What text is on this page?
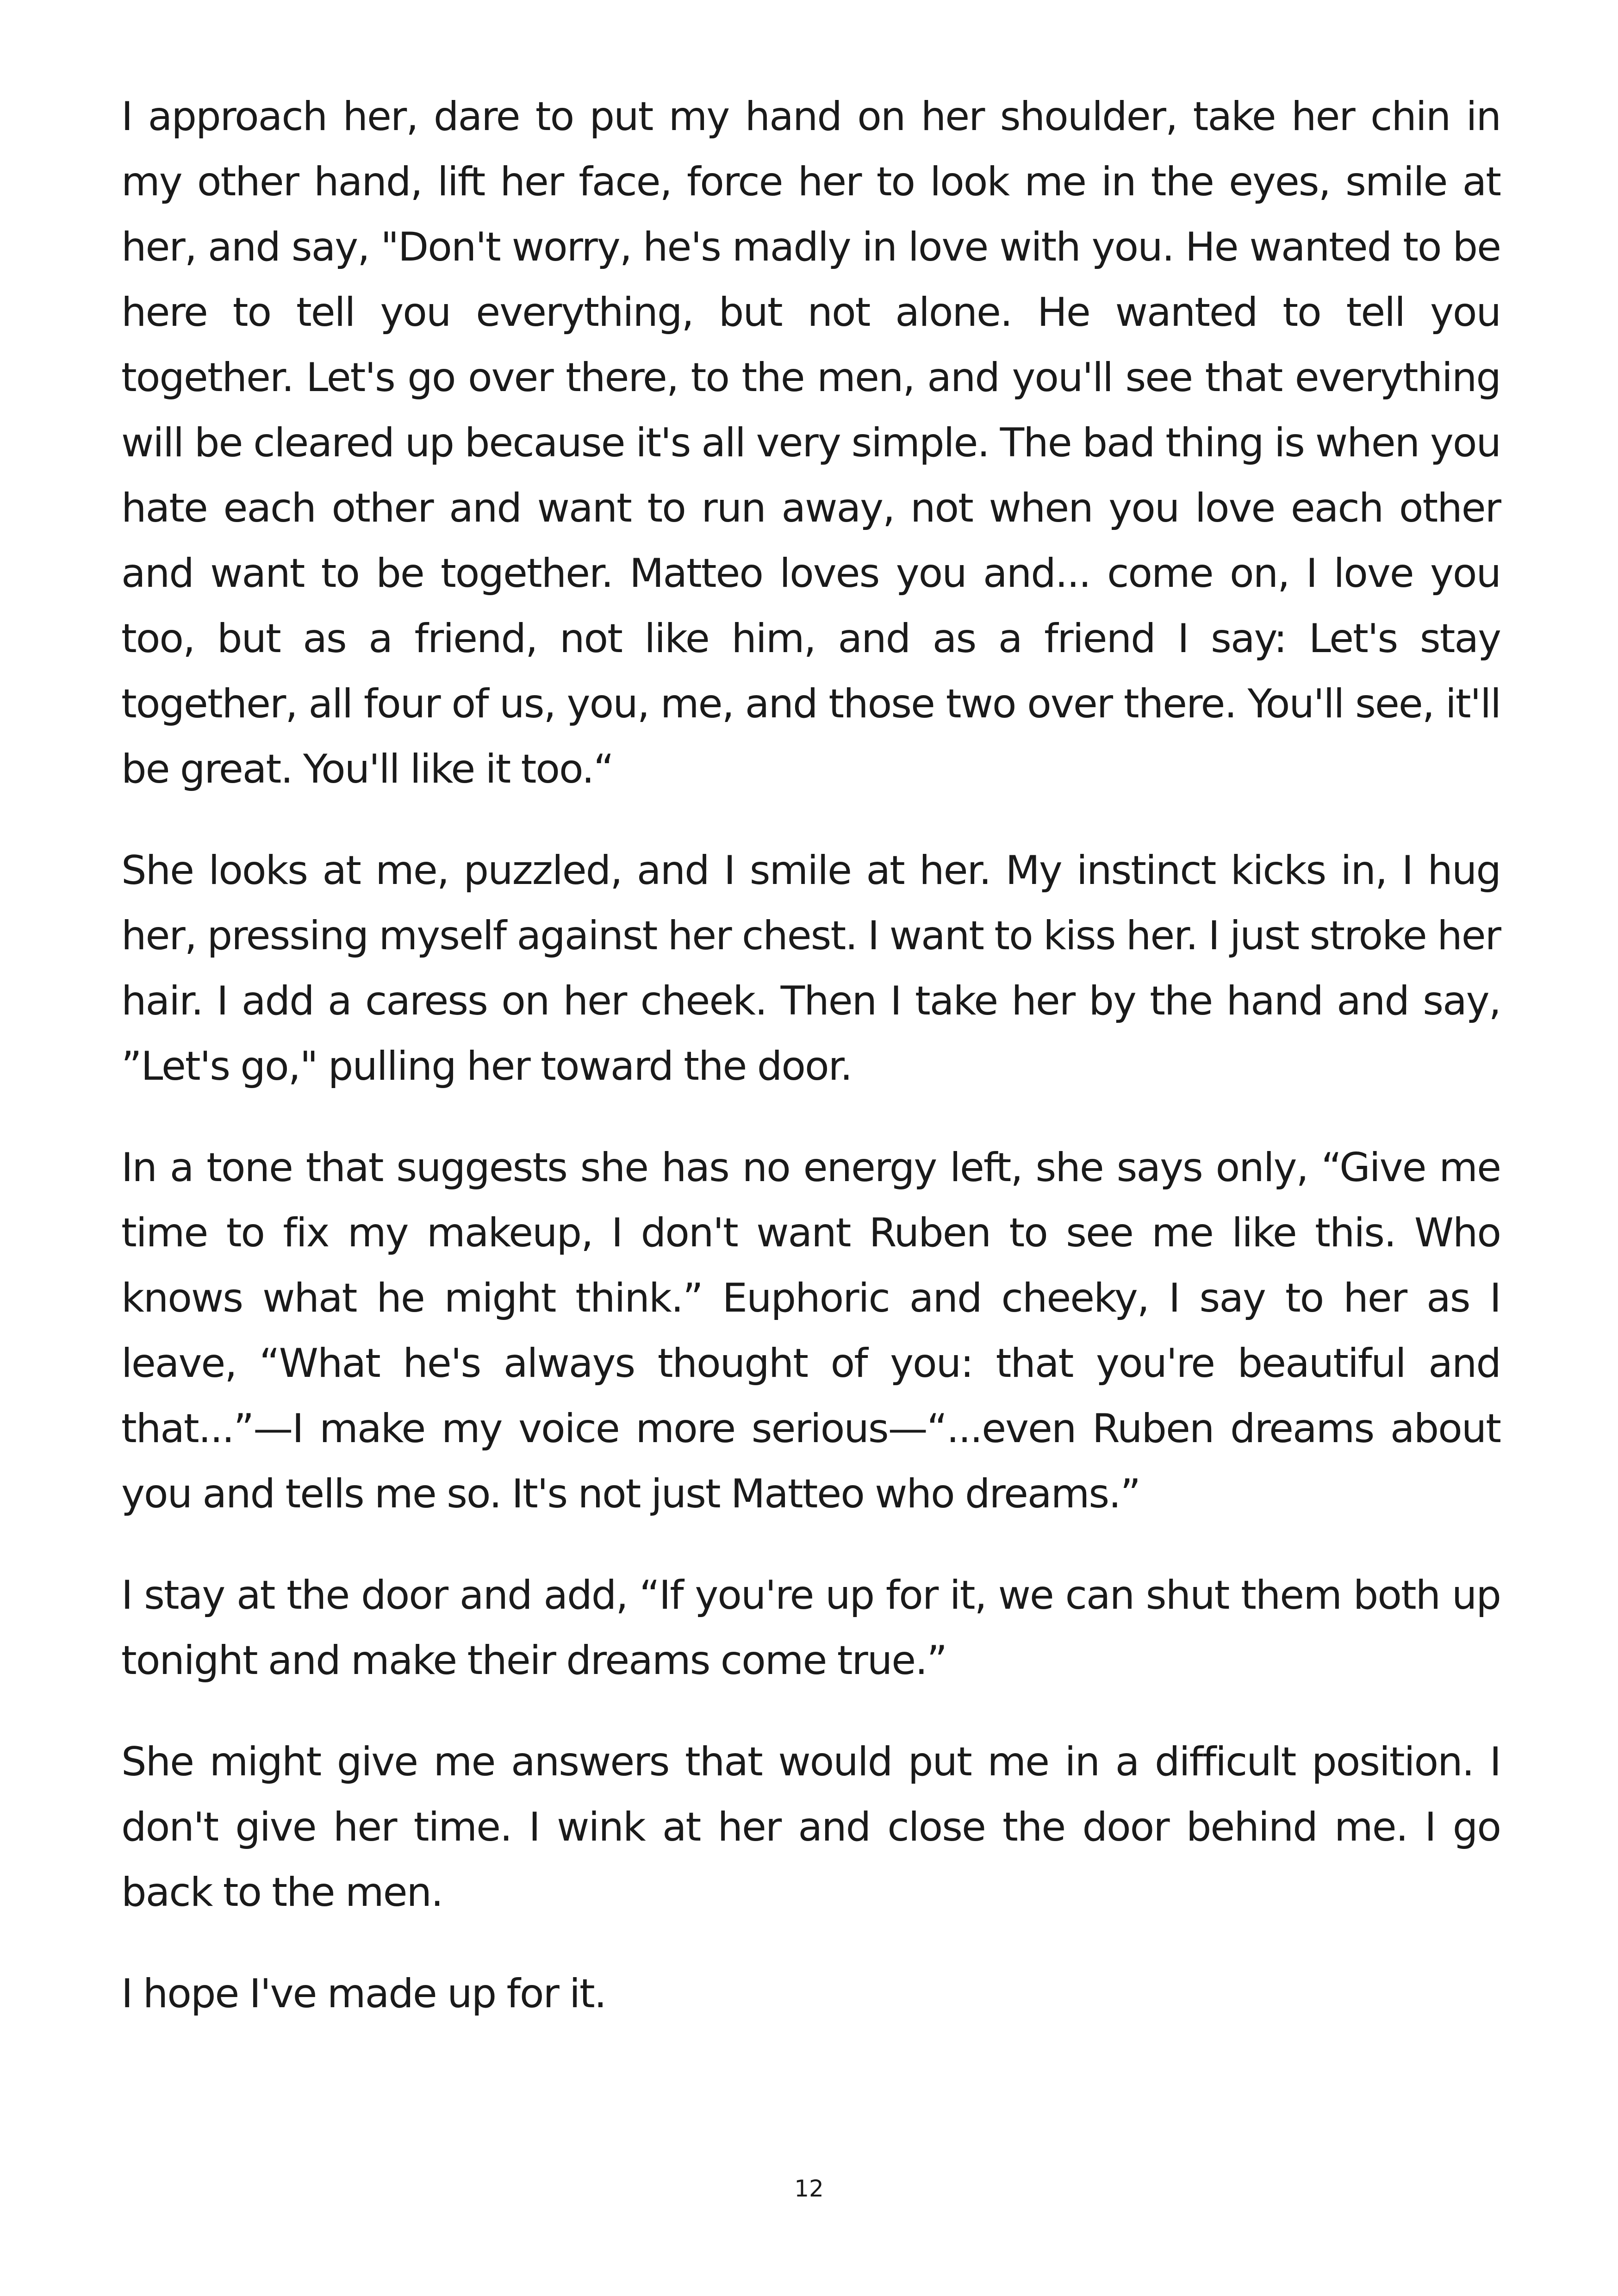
I approach her, dare to put my hand on her shoulder, take her chin in my other hand, lift her face, force her to look me in the eyes, smile at her, and say, "Don't worry, he's madly in love with you. He wanted to be here to tell you everything, but not alone. He wanted to tell you together. Let's go over there, to the men, and you'll see that everything will be cleared up because it's all very simple. The bad thing is when you hate each other and want to run away, not when you love each other and want to be together. Matteo loves you and... come on, I love you too, but as a friend, not like him, and as a friend I say: Let's stay together, all four of us, you, me, and those two over there. You'll see, it'll be great. You'll like it too.“

She looks at me, puzzled, and I smile at her. My instinct kicks in, I hug her, pressing myself against her chest. I want to kiss her. I just stroke her hair. I add a caress on her cheek. Then I take her by the hand and say, ”Let's go," pulling her toward the door.

In a tone that suggests she has no energy left, she says only, “Give me time to fix my makeup, I don't want Ruben to see me like this. Who knows what he might think.” Euphoric and cheeky, I say to her as I leave, “What he's always thought of you: that you're beautiful and that...”—I make my voice more serious—“...even Ruben dreams about you and tells me so. It's not just Matteo who dreams.”

I stay at the door and add, “If you're up for it, we can shut them both up tonight and make their dreams come true.”

She might give me answers that would put me in a difficult position. I don't give her time. I wink at her and close the door behind me. I go back to the men.

I hope I've made up for it.

12
